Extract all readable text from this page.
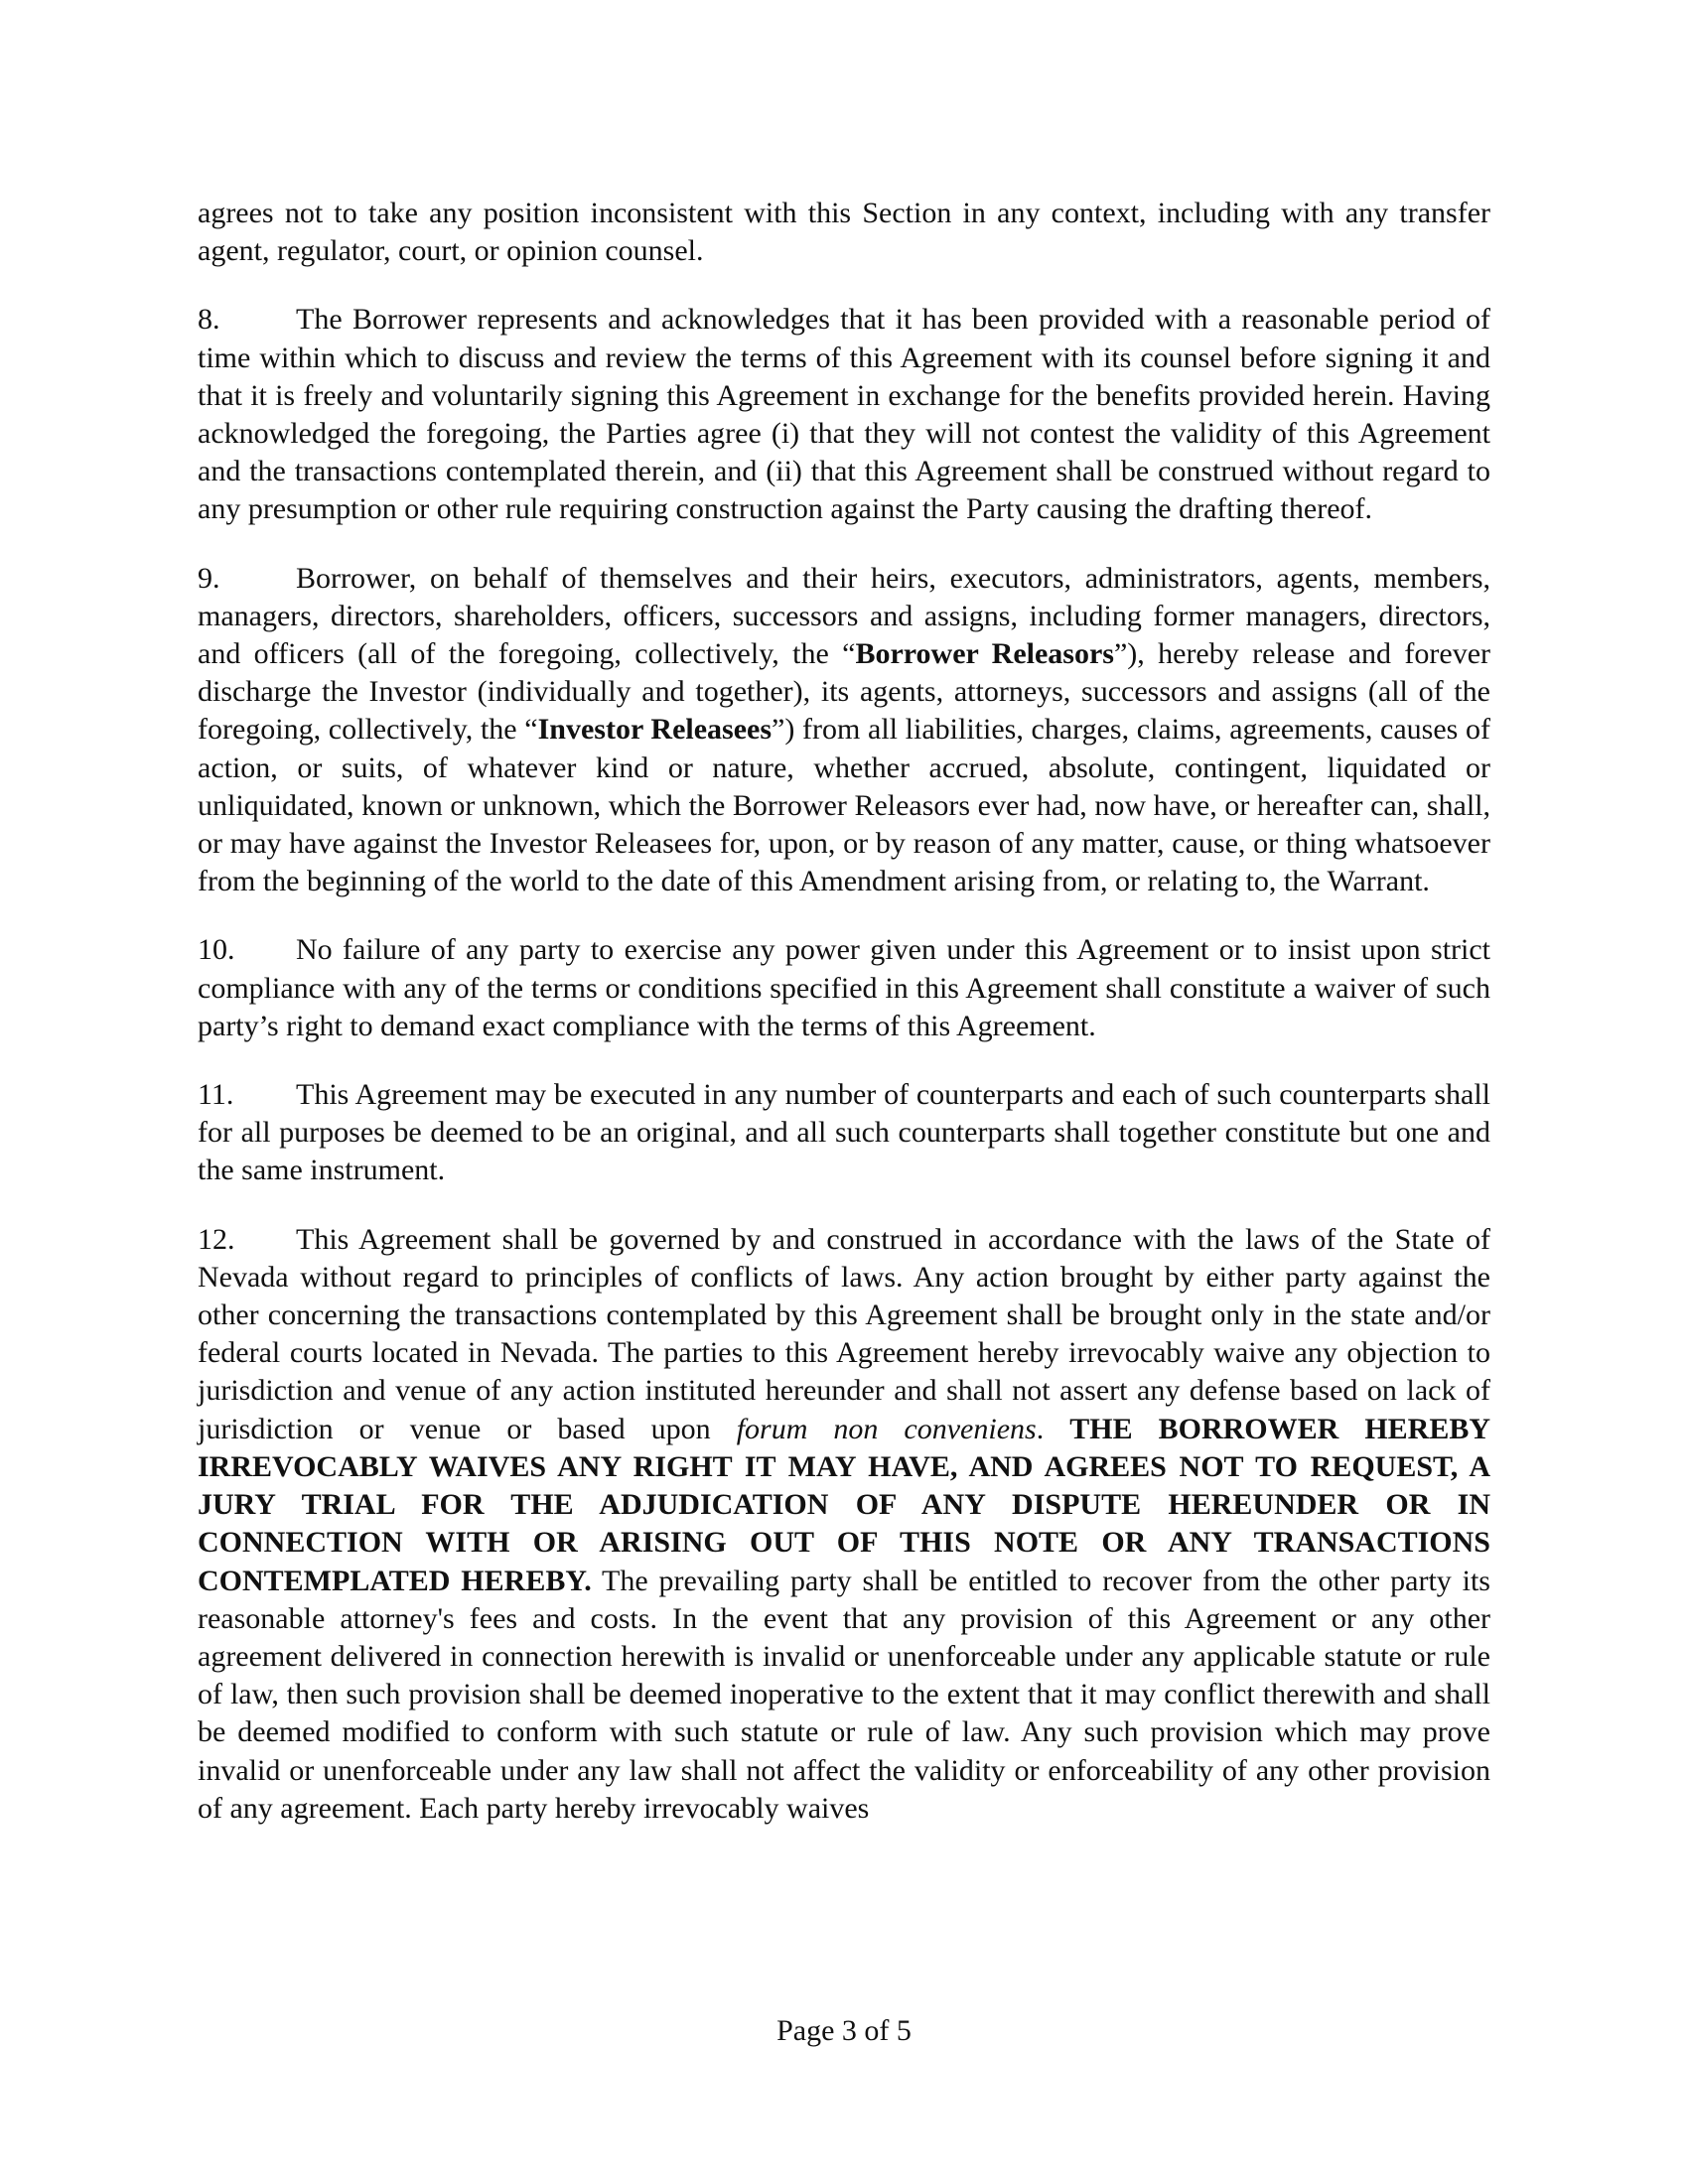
agrees not to take any position inconsistent with this Section in any context, including with any transfer agent, regulator, court, or opinion counsel.

8.	The Borrower represents and acknowledges that it has been provided with a reasonable period of time within which to discuss and review the terms of this Agreement with its counsel before signing it and that it is freely and voluntarily signing this Agreement in exchange for the benefits provided herein. Having acknowledged the foregoing, the Parties agree (i) that they will not contest the validity of this Agreement and the transactions contemplated therein, and (ii) that this Agreement shall be construed without regard to any presumption or other rule requiring construction against the Party causing the drafting thereof.

9.	Borrower, on behalf of themselves and their heirs, executors, administrators, agents, members, managers, directors, shareholders, officers, successors and assigns, including former managers, directors, and officers (all of the foregoing, collectively, the “Borrower Releasors”), hereby release and forever discharge the Investor (individually and together), its agents, attorneys, successors and assigns (all of the foregoing, collectively, the “Investor Releasees”) from all liabilities, charges, claims, agreements, causes of action, or suits, of whatever kind or nature, whether accrued, absolute, contingent, liquidated or unliquidated, known or unknown, which the Borrower Releasors ever had, now have, or hereafter can, shall, or may have against the Investor Releasees for, upon, or by reason of any matter, cause, or thing whatsoever from the beginning of the world to the date of this Amendment arising from, or relating to, the Warrant.

10. No failure of any party to exercise any power given under this Agreement or to insist upon strict compliance with any of the terms or conditions specified in this Agreement shall constitute a waiver of such party’s right to demand exact compliance with the terms of this Agreement.

11. This Agreement may be executed in any number of counterparts and each of such counterparts shall for all purposes be deemed to be an original, and all such counterparts shall together constitute but one and the same instrument.

12. This Agreement shall be governed by and construed in accordance with the laws of the State of Nevada without regard to principles of conflicts of laws. Any action brought by either party against the other concerning the transactions contemplated by this Agreement shall be brought only in the state and/or federal courts located in Nevada. The parties to this Agreement hereby irrevocably waive any objection to jurisdiction and venue of any action instituted hereunder and shall not assert any defense based on lack of jurisdiction or venue or based upon forum non conveniens. THE BORROWER HEREBY IRREVOCABLY WAIVES ANY RIGHT IT MAY HAVE, AND AGREES NOT TO REQUEST, A JURY TRIAL FOR THE ADJUDICATION OF ANY DISPUTE HEREUNDER OR IN CONNECTION WITH OR ARISING OUT OF THIS NOTE OR ANY TRANSACTIONS CONTEMPLATED HEREBY. The prevailing party shall be entitled to recover from the other party its reasonable attorney's fees and costs. In the event that any provision of this Agreement or any other agreement delivered in connection herewith is invalid or unenforceable under any applicable statute or rule of law, then such provision shall be deemed inoperative to the extent that it may conflict therewith and shall be deemed modified to conform with such statute or rule of law. Any such provision which may prove invalid or unenforceable under any law shall not affect the validity or enforceability of any other provision of any agreement. Each party hereby irrevocably waives

Page 3 of 5
